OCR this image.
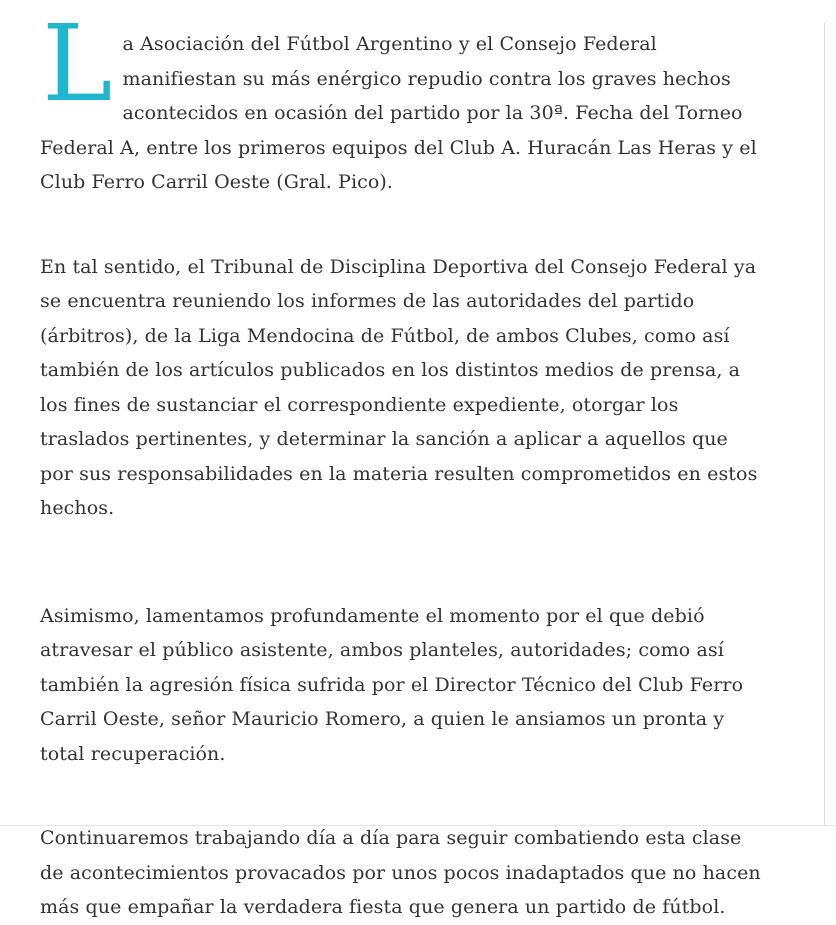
La Asociación del Fútbol Argentino y el Consejo Federal manifiestan su más enérgico repudio contra los graves hechos acontecidos en ocasión del partido por la 30ª. Fecha del Torneo Federal A, entre los primeros equipos del Club A. Huracán Las Heras y el Club Ferro Carril Oeste (Gral. Pico).

En tal sentido, el Tribunal de Disciplina Deportiva del Consejo Federal ya se encuentra reuniendo los informes de las autoridades del partido (árbitros), de la Liga Mendocina de Fútbol, de ambos Clubes, como así también de los artículos publicados en los distintos medios de prensa, a los fines de sustanciar el correspondiente expediente, otorgar los traslados pertinentes, y determinar la sanción a aplicar a aquellos que por sus responsabilidades en la materia resulten comprometidos en estos hechos.

Asimismo, lamentamos profundamente el momento por el que debió atravesar el público asistente, ambos planteles, autoridades; como así también la agresión física sufrida por el Director Técnico del Club Ferro Carril Oeste, señor Mauricio Romero, a quien le ansiamos un pronta y total recuperación.

Continuaremos trabajando día a día para seguir combatiendo esta clase de acontecimientos provacados por unos pocos inadaptados que no hacen más que empañar la verdadera fiesta que genera un partido de fútbol.
